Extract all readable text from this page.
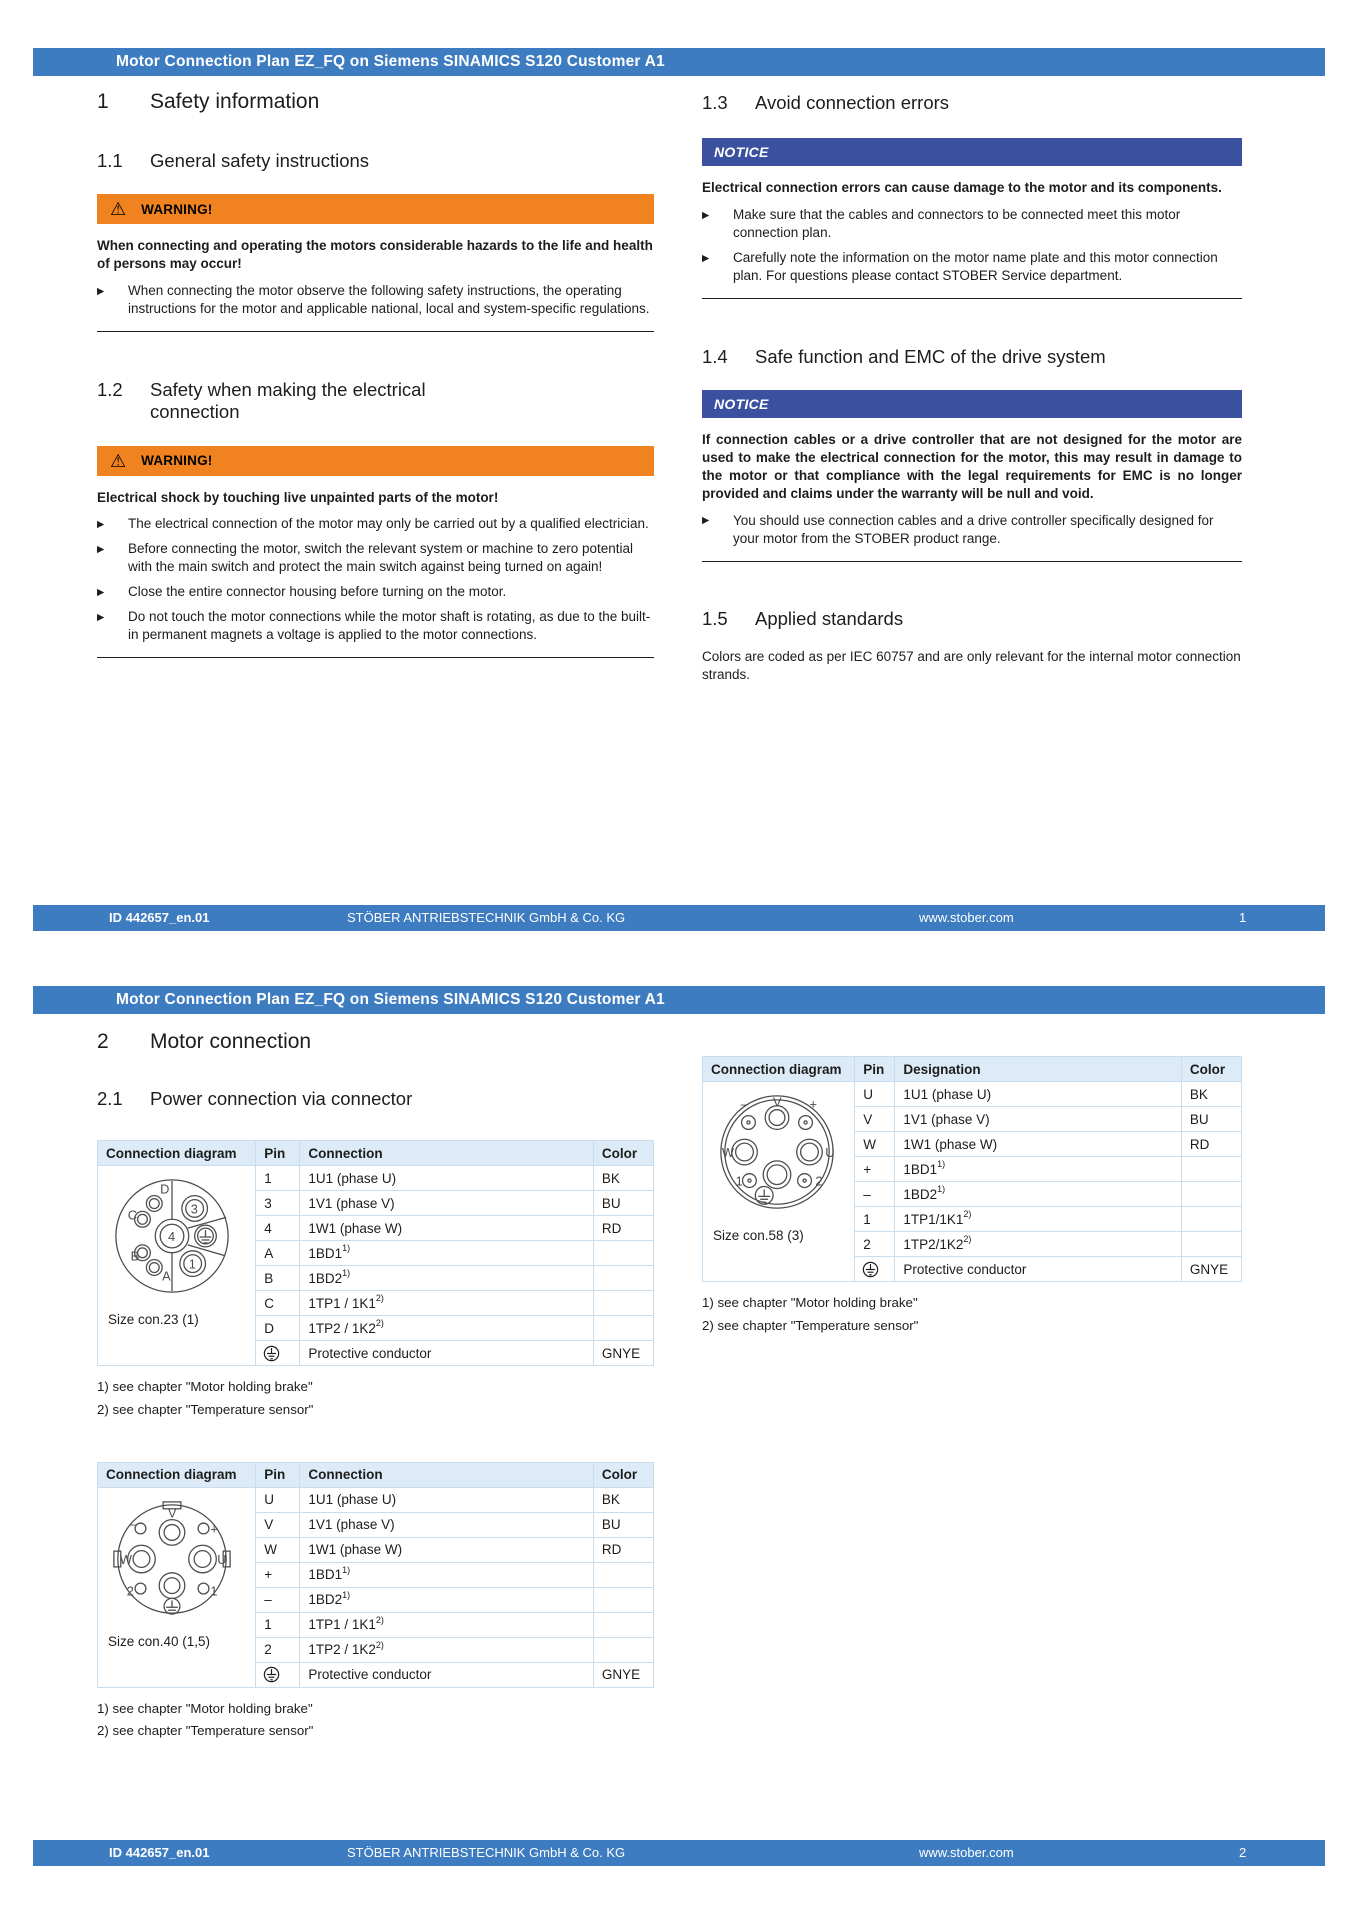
Motor Connection Plan EZ_FQ on Siemens SINAMICS S120 Customer A1
1	Safety information
1.1	General safety instructions
⚠
WARNING!
When connecting and operating the motors considerable hazards to the life and health of persons may occur!
▶ When connecting the motor observe the following safety instructions, the operating instructions for the motor and applicable national, local and system-specific regulations.
1.2	Safety when making the electrical connection
⚠
WARNING!
Electrical shock by touching live unpainted parts of the motor!
▶ The electrical connection of the motor may only be carried out by a qualified electrician.
▶ Before connecting the motor, switch the relevant system or machine to zero potential with the main switch and protect the main switch against being turned on again!
▶ Close the entire connector housing before turning on the motor.
▶ Do not touch the motor connections while the motor shaft is rotating, as due to the built-in permanent magnets a voltage is applied to the motor connections.
1.3	Avoid connection errors
NOTICE
Electrical connection errors can cause damage to the motor and its components.
▶ Make sure that the cables and connectors to be connected meet this motor connection plan.
▶ Carefully note the information on the motor name plate and this motor connection plan. For questions please contact STOBER Service department.
1.4	Safe function and EMC of the drive system
NOTICE
If connection cables or a drive controller that are not designed for the motor are used to make the electrical connection for the motor, this may result in damage to the motor or that compliance with the legal requirements for EMC is no longer provided and claims under the warranty will be null and void.
▶ You should use connection cables and a drive controller specifically designed for your motor from the STOBER product range.
1.5	Applied standards
Colors are coded as per IEC 60757 and are only relevant for the internal motor connection strands.
ID 442657_en.01	STÖBER ANTRIEBSTECHNIK GmbH & Co. KG	www.stober.com	1
Motor Connection Plan EZ_FQ on Siemens SINAMICS S120 Customer A1
2	Motor connection
2.1	Power connection via connector
Connection diagram	Pin	Connection	Color

4
3
1
D
C
B
A
Size con.23 (1)
	1	1U1 (phase U)	BK
	3	1V1 (phase V)	BU
	4	1W1 (phase W)	RD
	A	1BD1$^{1)}$	
	B	1BD2$^{1)}$	
	C	1TP1 / 1K1$^{2)}$	
	D	1TP2 / 1K2$^{2)}$	

	Protective conductor	GNYE
1) see chapter "Motor holding brake"
2) see chapter "Temperature sensor"
Connection diagram	Pin	Connection	Color

V
–	+
W	U
2	1
Size con.40 (1,5)
	U	1U1 (phase U)	BK
	V	1V1 (phase V)	BU
	W	1W1 (phase W)	RD
	+	$1BD1^{1)}$	
	–	1BD2$^{1)}$	
	1	1TP1 / 1K1$^{2)}$	
	2	1TP2 / 1K2$^{2)}$	

	Protective conductor	GNYE
1) see chapter "Motor holding brake"
2) see chapter "Temperature sensor"
Connection diagram	Pin	Designation	Color

V
–	+
W	U
1	2
Size con.58 (3)
	U	1U1 (phase U)	BK
	V	1V1 (phase V)	BU
	W	1W1 (phase W)	RD
	+	$1BD1^{1)}$	
	–	1BD2$^{1)}$	
	1	1TP1/1K1$^{2)}$	
	2	1TP2/1K2$^{2)}$	

	Protective conductor	GNYE
1) see chapter "Motor holding brake"
2) see chapter "Temperature sensor"
ID 442657_en.01	STÖBER ANTRIEBSTECHNIK GmbH & Co. KG	www.stober.com	2
